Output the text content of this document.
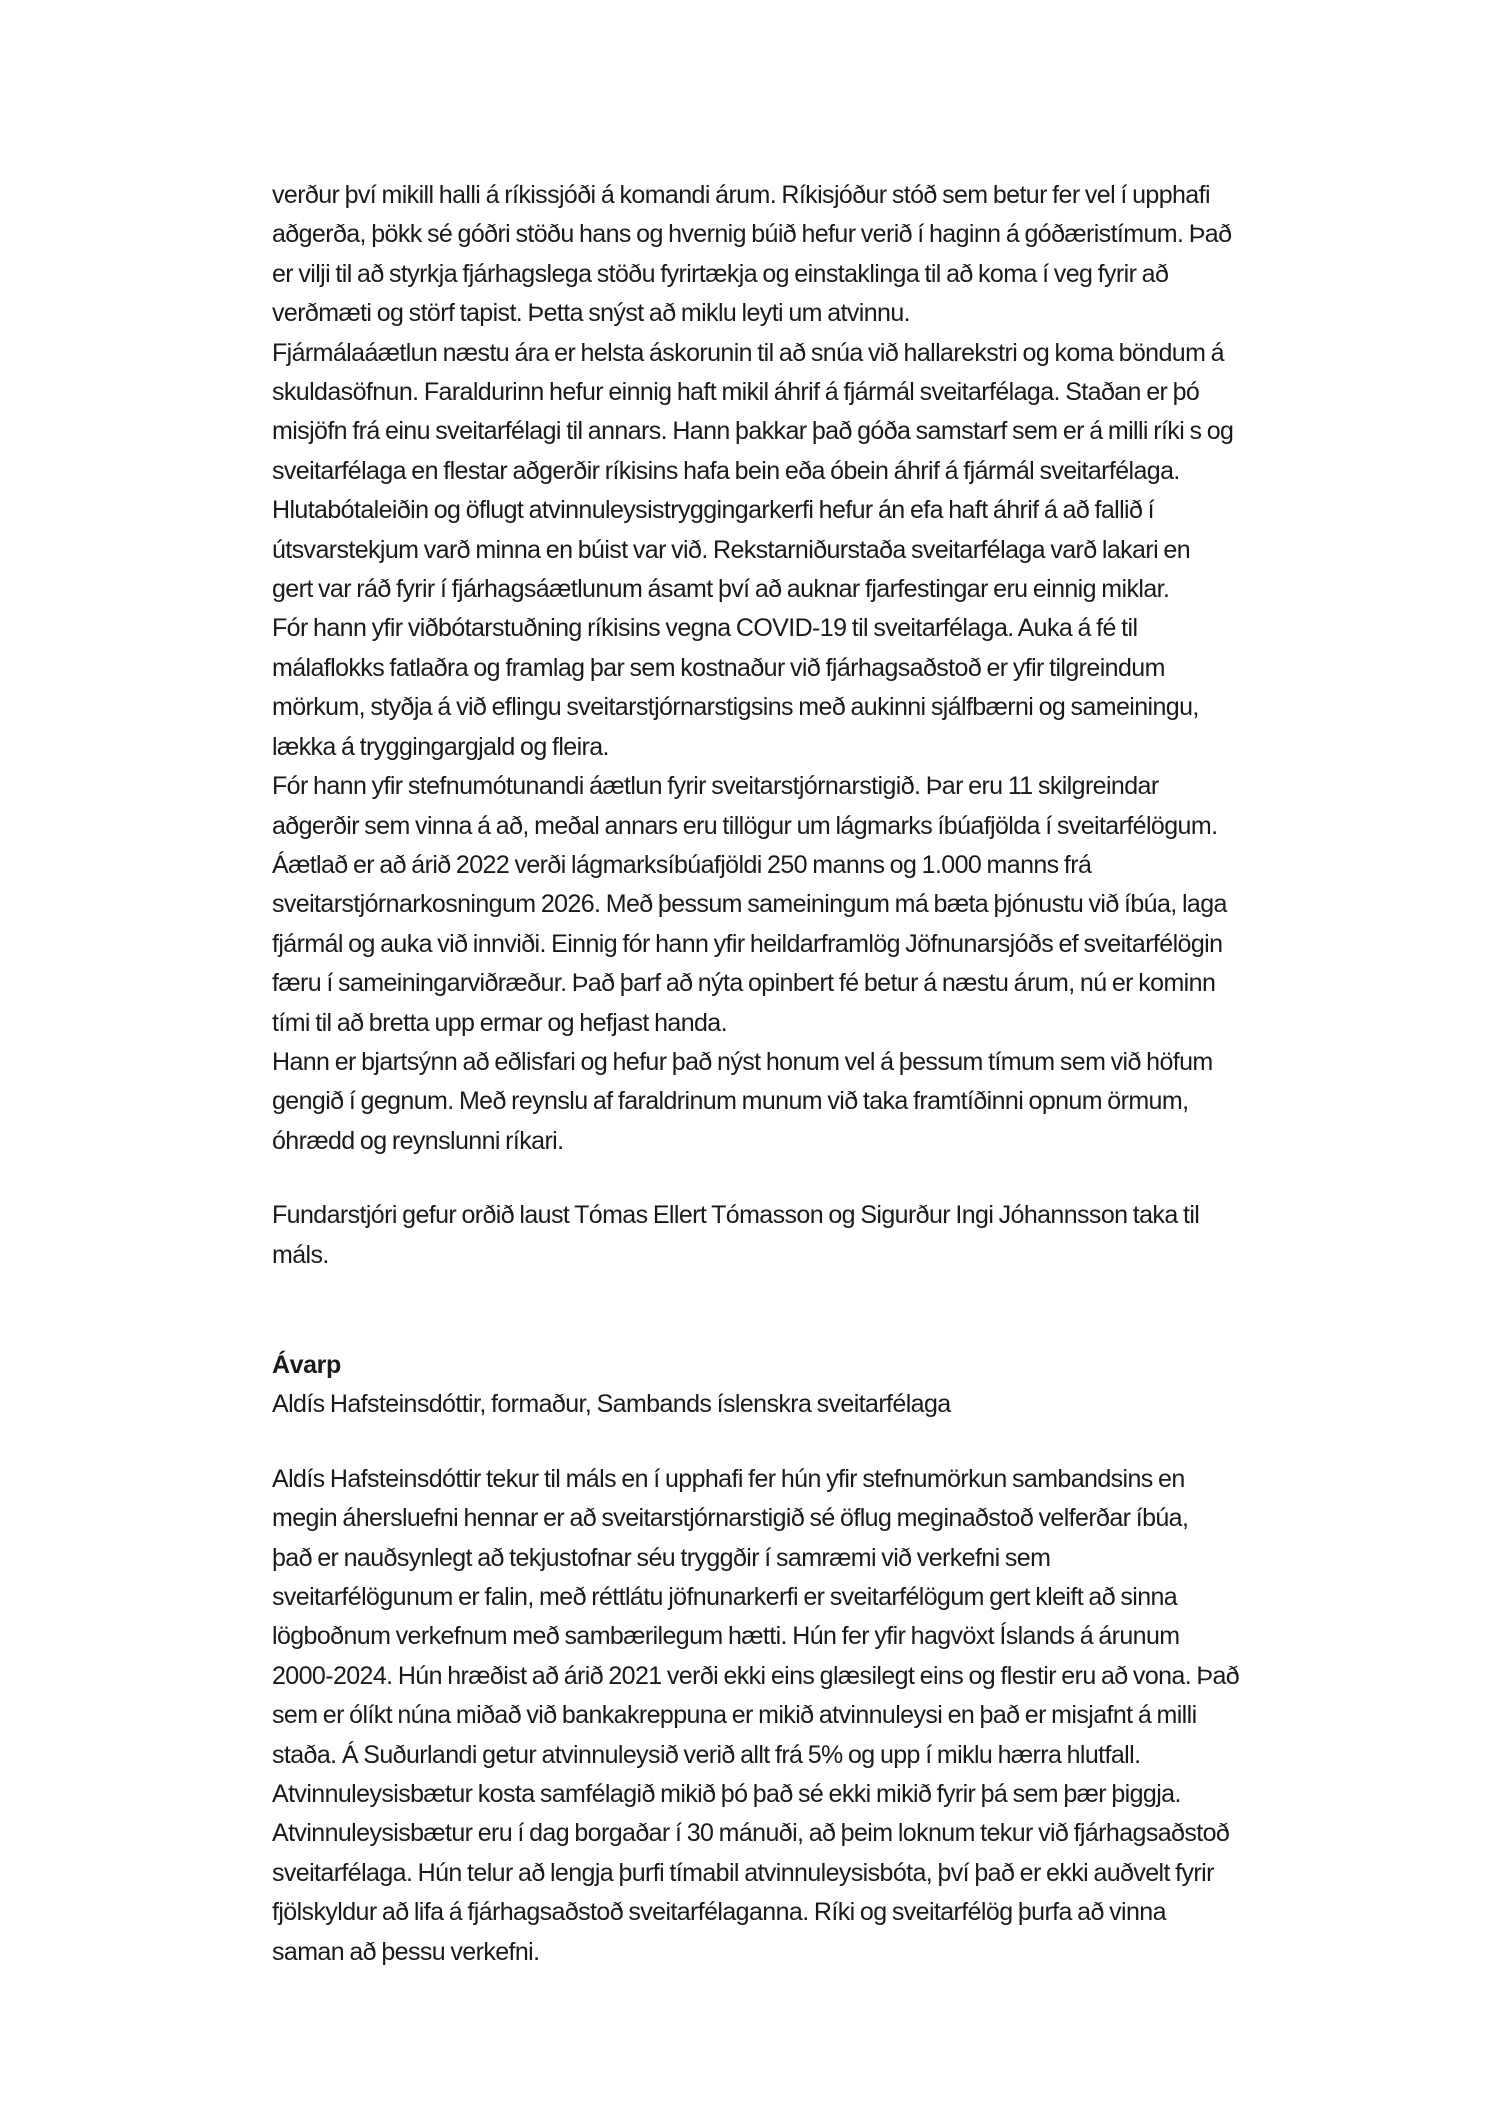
verður því mikill halli á ríkissjóði á komandi árum. Ríkisjóður stóð sem betur fer vel í upphafi
aðgerða, þökk sé góðri stöðu hans og hvernig búið hefur verið í haginn á góðæristímum. Það
er vilji til að styrkja fjárhagslega stöðu fyrirtækja og einstaklinga til að koma í veg fyrir að
verðmæti og störf tapist. Þetta snýst að miklu leyti um atvinnu.
Fjármálaáætlun næstu ára er helsta áskorunin til að snúa við hallarekstri og koma böndum á
skuldasöfnun. Faraldurinn hefur einnig haft mikil áhrif á fjármál sveitarfélaga. Staðan er þó
misjöfn frá einu sveitarfélagi til annars. Hann þakkar það góða samstarf sem er á milli ríki s og
sveitarfélaga en flestar aðgerðir ríkisins hafa bein eða óbein áhrif á fjármál sveitarfélaga.
Hlutabótaleiðin og öflugt atvinnuleysistryggingarkerfi hefur án efa haft áhrif á að fallið í
útsvarstekjum varð minna en búist var við. Rekstarniðurstaða sveitarfélaga varð lakari en
gert var ráð fyrir í fjárhagsáætlunum ásamt því að auknar fjarfestingar eru einnig miklar.
Fór hann yfir viðbótarstuðning ríkisins vegna COVID-19 til sveitarfélaga. Auka á fé til
málaflokks fatlaðra og framlag þar sem kostnaður við fjárhagsaðstoð er yfir tilgreindum
mörkum, styðja á við eflingu sveitarstjórnarstigsins með aukinni sjálfbærni og sameiningu,
lækka á tryggingargjald og fleira.
Fór hann yfir stefnumótunandi áætlun fyrir sveitarstjórnarstigið. Þar eru 11 skilgreindar
aðgerðir sem vinna á að, meðal annars eru tillögur um lágmarks íbúafjölda í sveitarfélögum.
Áætlað er að árið 2022 verði lágmarksíbúafjöldi 250 manns og 1.000 manns frá
sveitarstjórnarkosningum 2026. Með þessum sameiningum má bæta þjónustu við íbúa, laga
fjármál og auka við innviði. Einnig fór hann yfir heildarframlög Jöfnunarsjóðs ef sveitarfélögin
færu í sameiningarviðræður. Það þarf að nýta opinbert fé betur á næstu árum, nú er kominn
tími til að bretta upp ermar og hefjast handa.
Hann er bjartsýnn að eðlisfari og hefur það nýst honum vel á þessum tímum sem við höfum
gengið í gegnum. Með reynslu af faraldrinum munum við taka framtíðinni opnum örmum,
óhrædd og reynslunni ríkari.

Fundarstjóri gefur orðið laust Tómas Ellert Tómasson og Sigurður Ingi Jóhannsson taka til
máls.

Ávarp

Aldís Hafsteinsdóttir, formaður, Sambands íslenskra sveitarfélaga

Aldís Hafsteinsdóttir tekur til máls en í upphafi fer hún yfir stefnumörkun sambandsins en
megin áhersluefni hennar er að sveitarstjórnarstigið sé öflug meginaðstoð velferðar íbúa,
það er nauðsynlegt að tekjustofnar séu tryggðir í samræmi við verkefni sem
sveitarfélögunum er falin, með réttlátu jöfnunarkerfi er sveitarfélögum gert kleift að sinna
lögboðnum verkefnum með sambærilegum hætti. Hún fer yfir hagvöxt Íslands á árunum
2000-2024. Hún hræðist að árið 2021 verði ekki eins glæsilegt eins og flestir eru að vona. Það
sem er ólíkt núna miðað við bankakreppuna er mikið atvinnuleysi en það er misjafnt á milli
staða. Á Suðurlandi getur atvinnuleysið verið allt frá 5% og upp í miklu hærra hlutfall.
Atvinnuleysisbætur kosta samfélagið mikið þó það sé ekki mikið fyrir þá sem þær þiggja.
Atvinnuleysisbætur eru í dag borgaðar í 30 mánuði, að þeim loknum tekur við fjárhagsaðstoð
sveitarfélaga. Hún telur að lengja þurfi tímabil atvinnuleysisbóta, því það er ekki auðvelt fyrir
fjölskyldur að lifa á fjárhagsaðstoð sveitarfélaganna. Ríki og sveitarfélög þurfa að vinna
saman að þessu verkefni.
